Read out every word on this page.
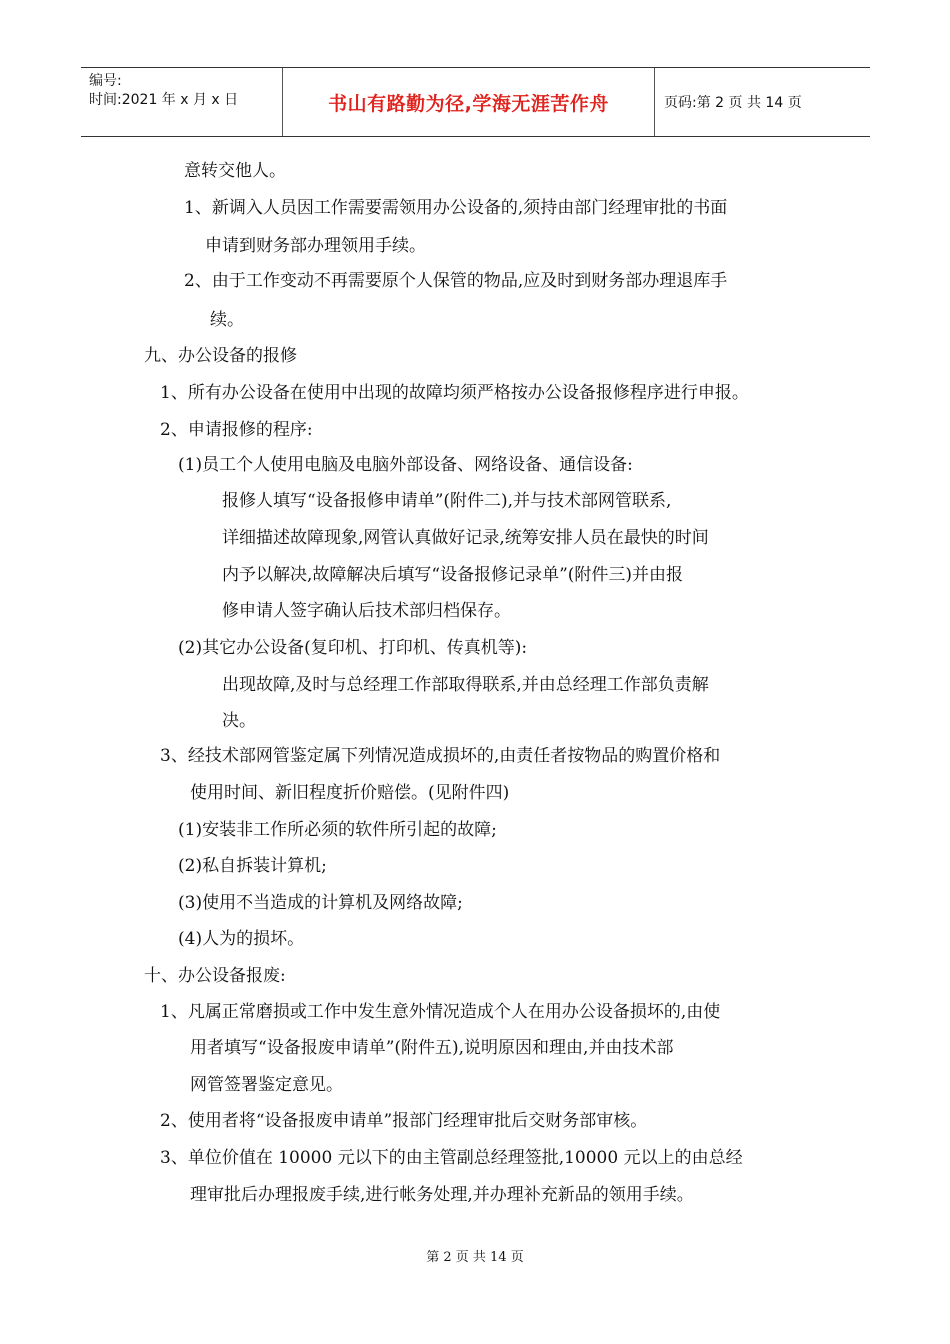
编号:
时间:2021 年 x 月 x 日	书山有路勤为径,学海无涯苦作舟	页码:第 2 页 共 14 页
意转交他人。
1、新调入人员因工作需要需领用办公设备的,须持由部门经理审批的书面
申请到财务部办理领用手续。
2、由于工作变动不再需要原个人保管的物品,应及时到财务部办理退库手
续。
九、办公设备的报修
1、所有办公设备在使用中出现的故障均须严格按办公设备报修程序进行申报。
2、申请报修的程序:
(1)员工个人使用电脑及电脑外部设备、网络设备、通信设备:
报修人填写“设备报修申请单”(附件二),并与技术部网管联系,
详细描述故障现象,网管认真做好记录,统筹安排人员在最快的时间
内予以解决,故障解决后填写“设备报修记录单”(附件三)并由报
修申请人签字确认后技术部归档保存。
(2)其它办公设备(复印机、打印机、传真机等):
出现故障,及时与总经理工作部取得联系,并由总经理工作部负责解
决。
3、经技术部网管鉴定属下列情况造成损坏的,由责任者按物品的购置价格和
使用时间、新旧程度折价赔偿。(见附件四)
(1)安装非工作所必须的软件所引起的故障;
(2)私自拆装计算机;
(3)使用不当造成的计算机及网络故障;
(4)人为的损坏。
十、办公设备报废:
1、凡属正常磨损或工作中发生意外情况造成个人在用办公设备损坏的,由使
用者填写“设备报废申请单”(附件五),说明原因和理由,并由技术部
网管签署鉴定意见。
2、使用者将“设备报废申请单”报部门经理审批后交财务部审核。
3、单位价值在 10000 元以下的由主管副总经理签批,10000 元以上的由总经
理审批后办理报废手续,进行帐务处理,并办理补充新品的领用手续。
第 2 页 共 14 页
